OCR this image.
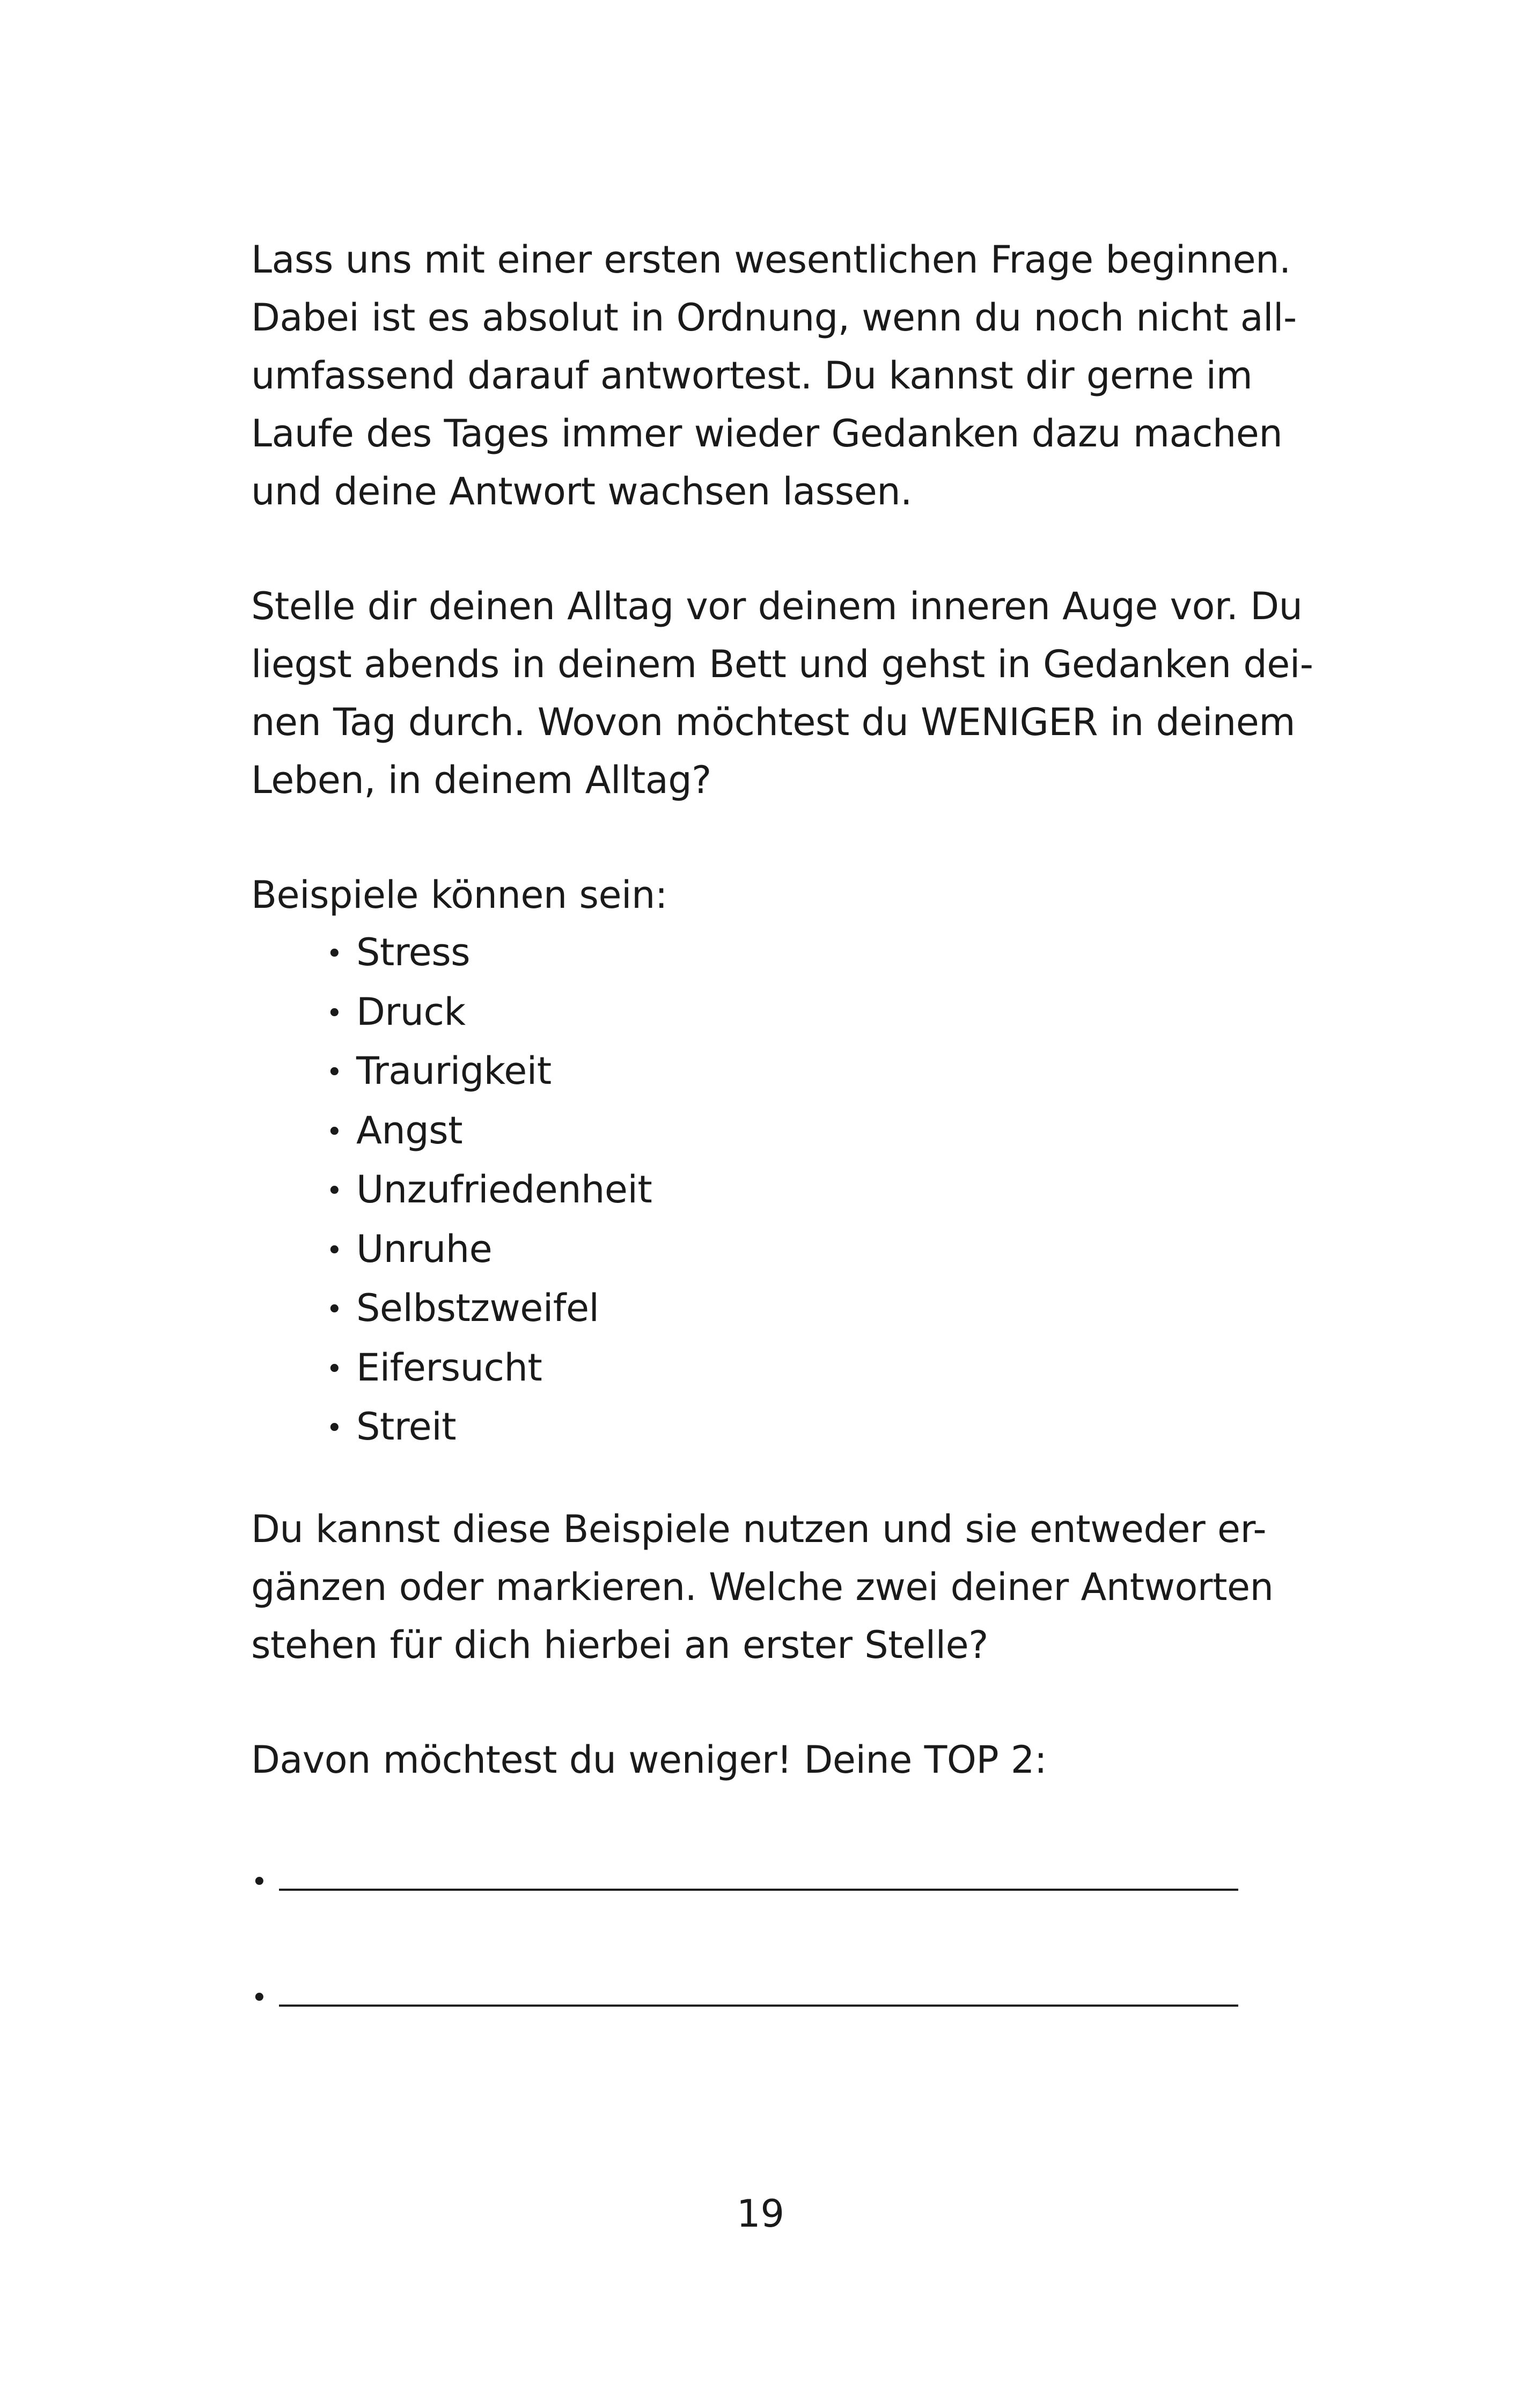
Lass uns mit einer ersten wesentlichen Frage beginnen.
Dabei ist es absolut in Ordnung, wenn du noch nicht all-
umfassend darauf antwortest. Du kannst dir gerne im
Laufe des Tages immer wieder Gedanken dazu machen
und deine Antwort wachsen lassen.
Stelle dir deinen Alltag vor deinem inneren Auge vor. Du
liegst abends in deinem Bett und gehst in Gedanken dei-
nen Tag durch. Wovon möchtest du WENIGER in deinem
Leben, in deinem Alltag?
Beispiele können sein:
• Stress
• Druck
• Traurigkeit
• Angst
• Unzufriedenheit
• Unruhe
• Selbstzweifel
• Eifersucht
• Streit
Du kannst diese Beispiele nutzen und sie entweder er-
gänzen oder markieren. Welche zwei deiner Antworten
stehen für dich hierbei an erster Stelle?
Davon möchtest du weniger! Deine TOP 2:
•
•
19
